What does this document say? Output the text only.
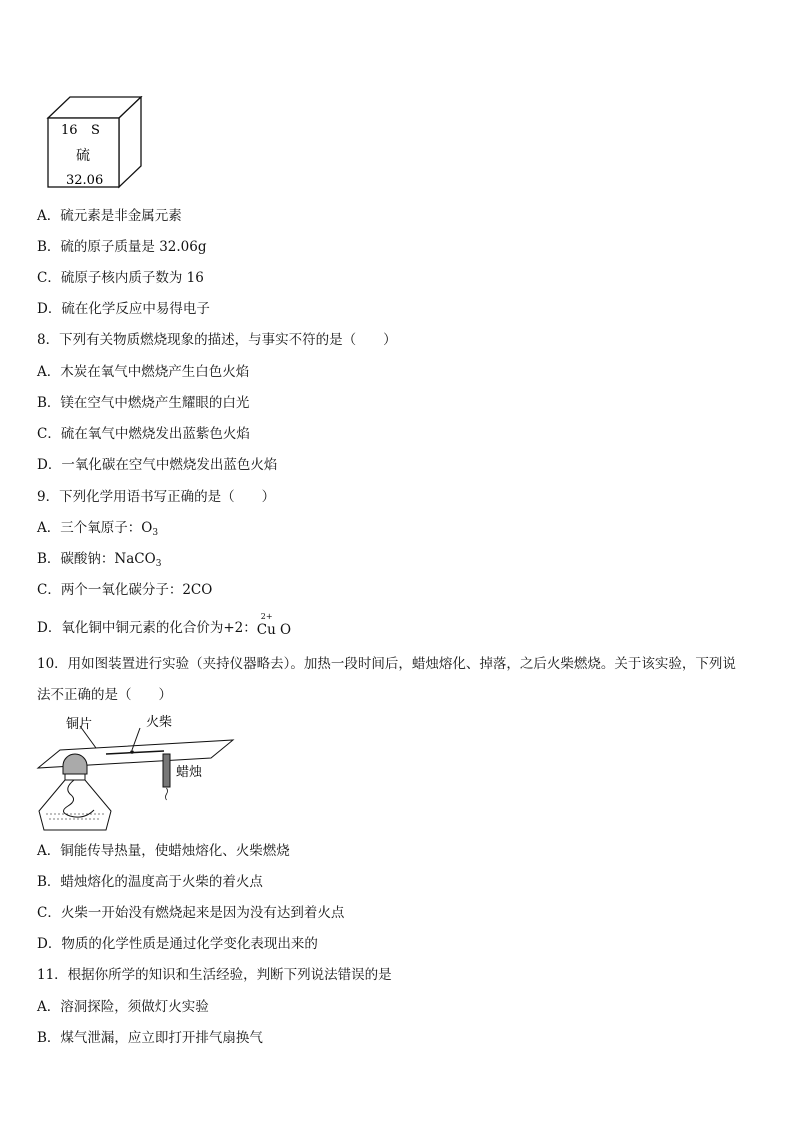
16 S
硫
32.06
A．硫元素是非金属元素
B．硫的原子质量是 32.06g
C．硫原子核内质子数为 16
D．硫在化学反应中易得电子
8．下列有关物质燃烧现象的描述，与事实不符的是（　　）
A．木炭在氧气中燃烧产生白色火焰
B．镁在空气中燃烧产生耀眼的白光
C．硫在氧气中燃烧发出蓝紫色火焰
D．一氧化碳在空气中燃烧发出蓝色火焰
9．下列化学用语书写正确的是（　　）
A．三个氧原子：$O_3$
B．碳酸钠：NaCO$_3$
C．两个一氧化碳分子：2CO
D．氧化铜中铜元素的化合价为+2：
2+
Cu O
10．用如图装置进行实验（夹持仪器略去）。加热一段时间后，蜡烛熔化、掉落，之后火柴燃烧。关于该实验，下列说
法不正确的是（　　）
铜片	火柴
蜡烛
A．铜能传导热量，使蜡烛熔化、火柴燃烧
B．蜡烛熔化的温度高于火柴的着火点
C．火柴一开始没有燃烧起来是因为没有达到着火点
D．物质的化学性质是通过化学变化表现出来的
11．根据你所学的知识和生活经验，判断下列说法错误的是
A．溶洞探险，须做灯火实验
B．煤气泄漏，应立即打开排气扇换气
